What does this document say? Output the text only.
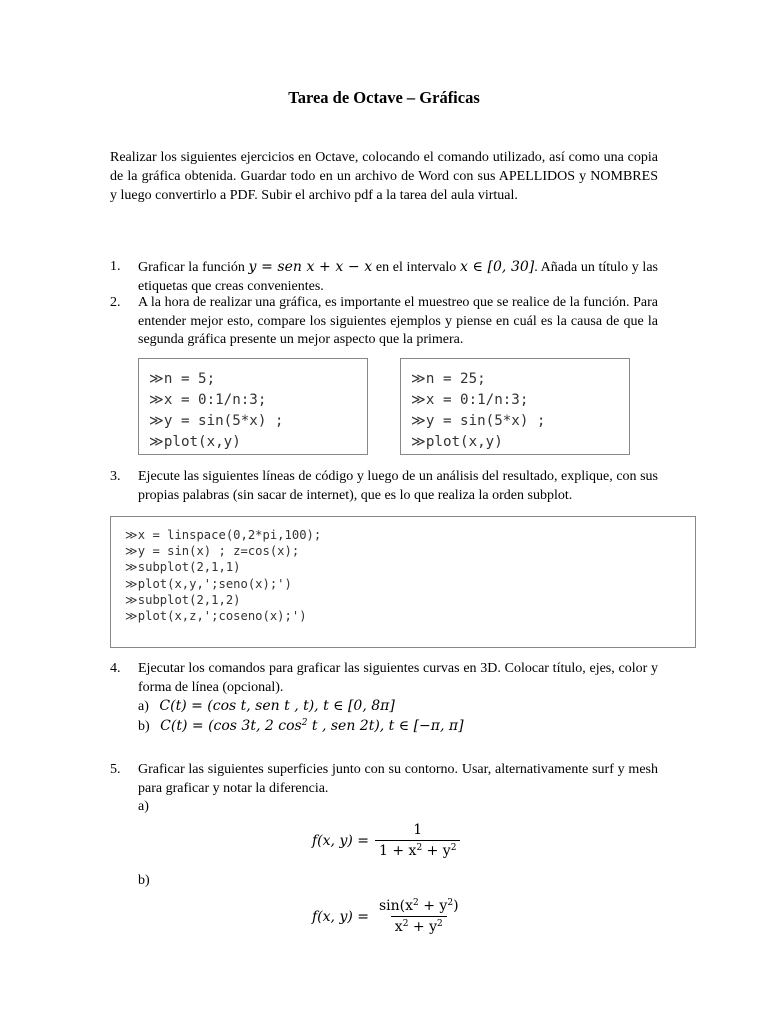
Tarea de Octave – Gráficas
Realizar los siguientes ejercicios en Octave, colocando el comando utilizado, así como una copia de la gráfica obtenida. Guardar todo en un archivo de Word con sus APELLIDOS y NOMBRES y luego convertirlo a PDF. Subir el archivo pdf a la tarea del aula virtual.
1. Graficar la función y = sen x + x − x en el intervalo x ∈ [0, 30]. Añada un título y las etiquetas que creas convenientes.
2. A la hora de realizar una gráfica, es importante el muestreo que se realice de la función. Para entender mejor esto, compare los siguientes ejemplos y piense en cuál es la causa de que la segunda gráfica presente un mejor aspecto que la primera.
≫n = 5;
≫x = 0:1/n:3;
≫y = sin(5*x) ;
≫plot(x,y)
≫n = 25;
≫x = 0:1/n:3;
≫y = sin(5*x) ;
≫plot(x,y)
3. Ejecute las siguientes líneas de código y luego de un análisis del resultado, explique, con sus propias palabras (sin sacar de internet), que es lo que realiza la orden subplot.
≫x = linspace(0,2*pi,100);
≫y = sin(x) ; z=cos(x);
≫subplot(2,1,1)
≫plot(x,y,';seno(x);')
≫subplot(2,1,2)
≫plot(x,z,';coseno(x);')
4. Ejecutar los comandos para graficar las siguientes curvas en 3D. Colocar título, ejes, color y forma de línea (opcional).
a) C(t) = (cos t, sen t , t), t ∈ [0, 8π]
b) C(t) = (cos 3t, 2 $\cos^2 t$ , sen 2t), t ∈ [−π, π]
5. Graficar las siguientes superficies junto con su contorno. Usar, alternativamente surf y mesh para graficar y notar la diferencia.
a)
f(x, $y) = \frac{1}{1 + x^2 + y^2}$
b)
f(x, $y) = \frac{\sin(x^2 + y^2)}{x^2 + y^2}$
